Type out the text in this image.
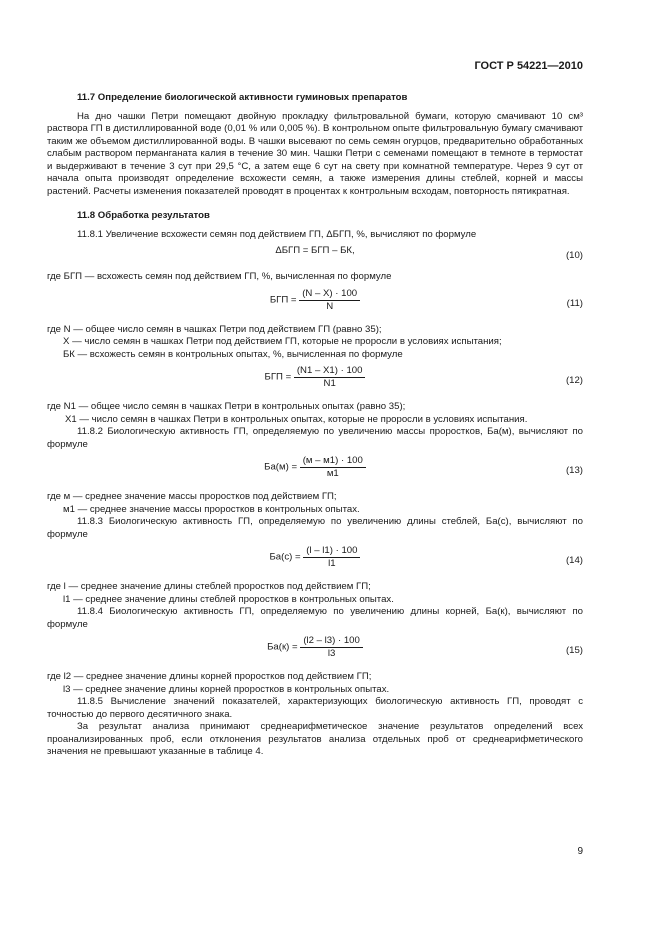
ГОСТ Р 54221—2010
11.7 Определение биологической активности гуминовых препаратов

На дно чашки Петри помещают двойную прокладку фильтровальной бумаги, которую смачивают 10 см³ раствора ГП в дистиллированной воде (0,01 % или 0,005 %). В контрольном опыте фильтровальную бумагу смачивают таким же объемом дистиллированной воды. В чашки высевают по семь семян огурцов, предварительно обработанных слабым раствором перманганата калия в течение 30 мин. Чашки Петри с семенами помещают в темноте в термостат и выдерживают в течение 3 сут при 29,5 °С, а затем еще 6 сут на свету при комнатной температуре. Через 9 сут от начала опыта производят определение всхожести семян, а также измерения длины стеблей, корней и массы растений. Расчеты изменения показателей проводят в процентах к контрольным всходам, повторность пятикратная.

11.8 Обработка результатов

11.8.1 Увеличение всхожести семян под действием ГП, ΔБГП, %, вычисляют по формуле

ΔБГП = БГП – БК,	(10)

где БГП — всхожесть семян под действием ГП, %, вычисленная по формуле

БГП = $\frac{(N - X) \cdot 100}{N}$	(11)

где N — общее число семян в чашках Петри под действием ГП (равно 35);

X — число семян в чашках Петри под действием ГП, которые не проросли в условиях испытания;

БК — всхожесть семян в контрольных опытах, %, вычисленная по формуле

БГП = $\frac{(N1 - X1) \cdot 100}{N1}$	(12)

где N1 — общее число семян в чашках Петри в контрольных опытах (равно 35);

X1 — число семян в чашках Петри в контрольных опытах, которые не проросли в условиях испытания.

11.8.2 Биологическую активность ГП, определяемую по увеличению массы проростков, Ба(м), вычисляют по формуле

$Ба(м) = \frac{(м - м1) \cdot 100}{м1}$	(13)

где м — среднее значение массы проростков под действием ГП;

м1 — среднее значение массы проростков в контрольных опытах.

11.8.3 Биологическую активность ГП, определяемую по увеличению длины стеблей, Ба(с), вычисляют по формуле

$Ба(с) = \frac{(l - l1) \cdot 100}{l1}$	(14)

где l — среднее значение длины стеблей проростков под действием ГП;

l1 — среднее значение длины стеблей проростков в контрольных опытах.

11.8.4 Биологическую активность ГП, определяемую по увеличению длины корней, Ба(к), вычисляют по формуле

$Ба(к) = \frac{(l2 - l3) \cdot 100}{l3}$	(15)

где l2 — среднее значение длины корней проростков под действием ГП;

l3 — среднее значение длины корней проростков в контрольных опытах.

11.8.5 Вычисление значений показателей, характеризующих биологическую активность ГП, проводят с точностью до первого десятичного знака.

За результат анализа принимают среднеарифметическое значение результатов определений всех проанализированных проб, если отклонения результатов анализа отдельных проб от среднеарифметического значения не превышают указанные в таблице 4.

9
